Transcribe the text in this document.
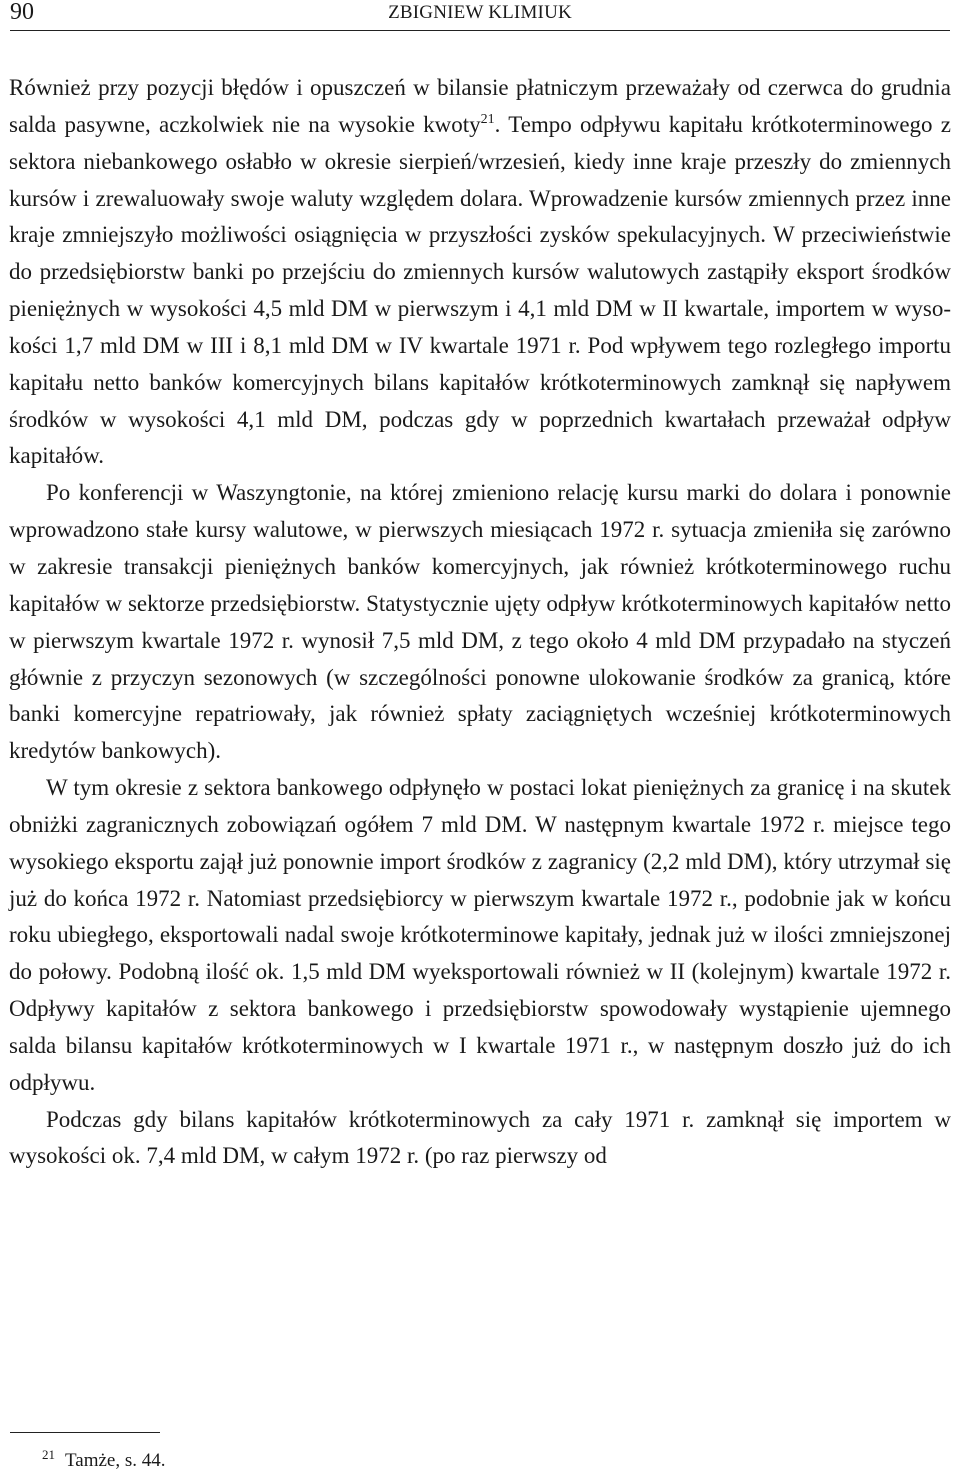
90	ZBIGNIEW KLIMIUK

Również przy pozycji błędów i opuszczeń w bilansie płatniczym przeważały od czerwca do grudnia salda pasywne, aczkolwiek nie na wysokie kwoty$^{21}$. Tempo odpływu kapitału krótkoterminowego z sektora niebankowego osłabło w okresie sierpień/wrzesień, kiedy inne kraje przeszły do zmiennych kursów i zrewaluowały swoje waluty względem dolara. Wprowadzenie kursów zmiennych przez inne kraje zmniejszyło możliwości osiągnięcia w przyszłości zysków spekulacyjnych. W przeciwieństwie do przedsiębiorstw banki po przejściu do zmiennych kursów walutowych zastąpiły eksport środków pieniężnych w wysokości 4,5 mld DM w pierwszym i 4,1 mld DM w II kwartale, importem w wysokości 1,7 mld DM w III i 8,1 mld DM w IV kwartale 1971 r. Pod wpływem tego rozległego importu kapitału netto banków komercyjnych bilans kapitałów krótkoterminowych zamknął się napływem środków w wysokości 4,1 mld DM, podczas gdy w poprzednich kwartałach przeważał odpływ kapitałów.

Po konferencji w Waszyngtonie, na której zmieniono relację kursu marki do dolara i ponownie wprowadzono stałe kursy walutowe, w pierwszych miesiącach 1972 r. sytuacja zmieniła się zarówno w zakresie transakcji pieniężnych banków komercyjnych, jak również krótkoterminowego ruchu kapitałów w sektorze przedsiębiorstw. Statystycznie ujęty odpływ krótkoterminowych kapitałów netto w pierwszym kwartale 1972 r. wynosił 7,5 mld DM, z tego około 4 mld DM przypadało na styczeń głównie z przyczyn sezonowych (w szczególności ponowne ulokowanie środków za granicą, które banki komercyjne repatriowały, jak również spłaty zaciągniętych wcześniej krótkoterminowych kredytów bankowych).

W tym okresie z sektora bankowego odpłynęło w postaci lokat pieniężnych za granicę i na skutek obniżki zagranicznych zobowiązań ogółem 7 mld DM. W następnym kwartale 1972 r. miejsce tego wysokiego eksportu zajął już ponownie import środków z zagranicy (2,2 mld DM), który utrzymał się już do końca 1972 r. Natomiast przedsiębiorcy w pierwszym kwartale 1972 r., podobnie jak w końcu roku ubiegłego, eksportowali nadal swoje krótkoterminowe kapitały, jednak już w ilości zmniejszonej do połowy. Podobną ilość ok. 1,5 mld DM wyeksportowali również w II (kolejnym) kwartale 1972 r. Odpływy kapitałów z sektora bankowego i przedsiębiorstw spowodowały wystąpienie ujemnego salda bilansu kapitałów krótkoterminowych w I kwartale 1971 r., w następnym doszło już do ich odpływu.

Podczas gdy bilans kapitałów krótkoterminowych za cały 1971 r. zamknął się importem w wysokości ok. 7,4 mld DM, w całym 1972 r. (po raz pierwszy od

$^{21}$ Tamże, s. 44.
